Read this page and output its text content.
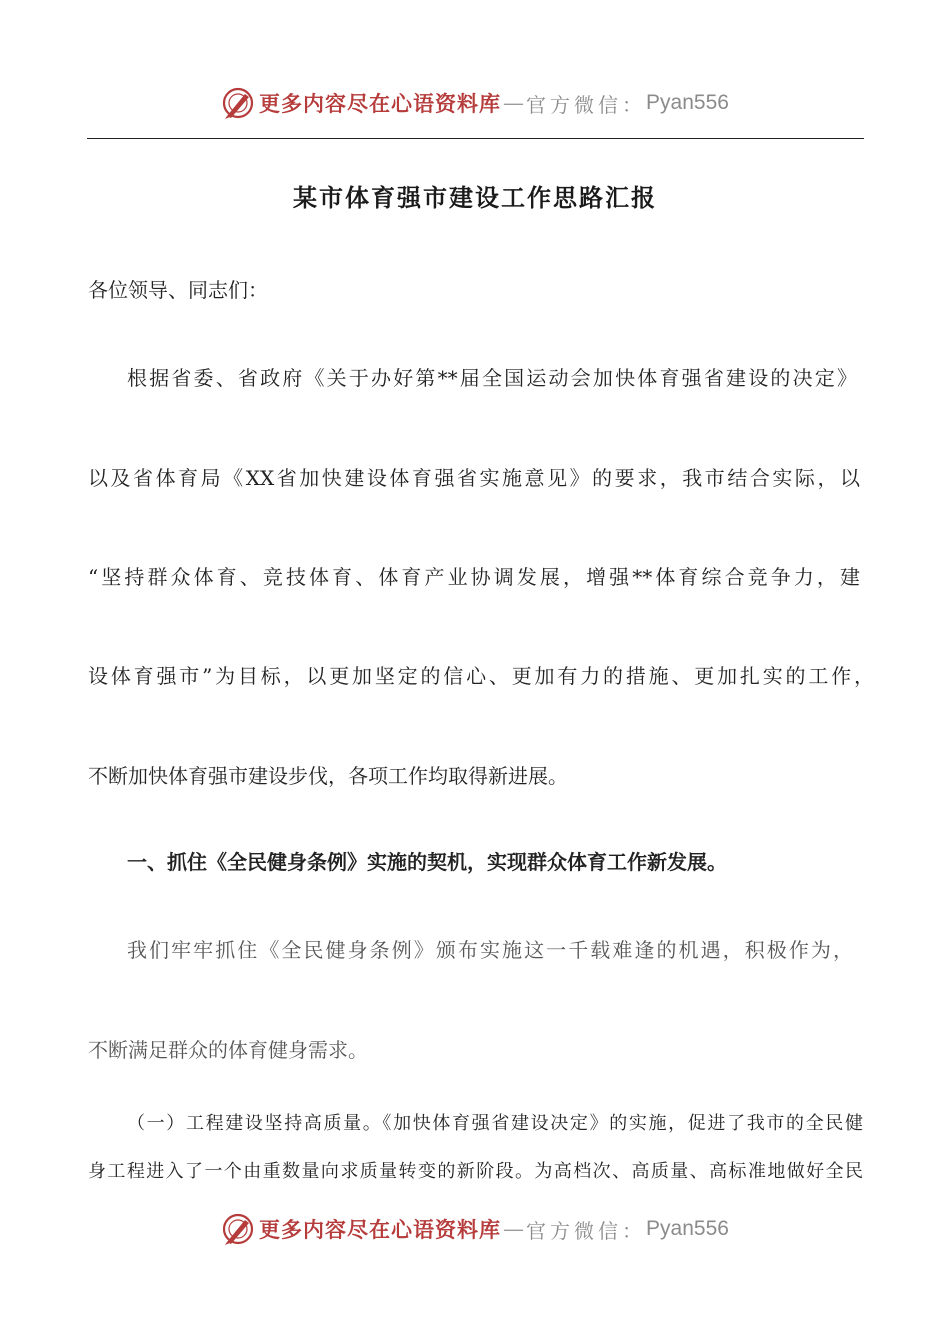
更多内容尽在心语资料库 — 官方微信： Pyan556
某市体育强市建设工作思路汇报
各位领导、同志们：
根据省委、省政府《关于办好第**届全国运动会加快体育强省建设的决定》
以及省体育局《XX省加快建设体育强省实施意见》的要求，我市结合实际，以
“坚持群众体育、竞技体育、体育产业协调发展，增强**体育综合竞争力，建
设体育强市”为目标，以更加坚定的信心、更加有力的措施、更加扎实的工作，
不断加快体育强市建设步伐，各项工作均取得新进展。
一、抓住《全民健身条例》实施的契机，实现群众体育工作新发展。
我们牢牢抓住《全民健身条例》颁布实施这一千载难逢的机遇，积极作为，
不断满足群众的体育健身需求。
（一）工程建设坚持高质量。《加快体育强省建设决定》的实施，促进了我市的全民健
身工程进入了一个由重数量向求质量转变的新阶段。为高档次、高质量、高标准地做好全民
更多内容尽在心语资料库 — 官方微信： Pyan556
